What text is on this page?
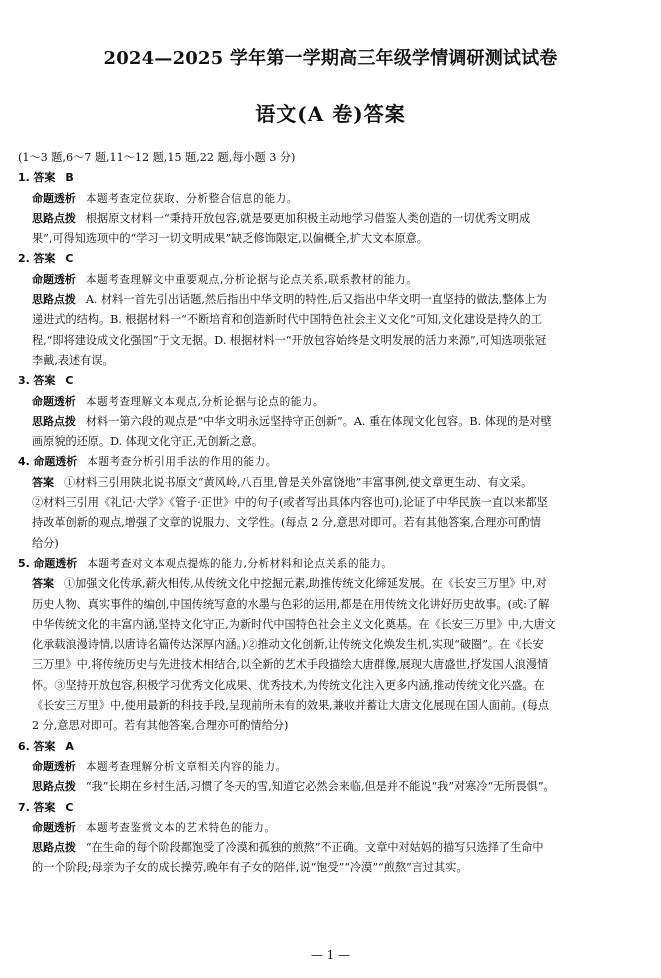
2024—2025 学年第一学期高三年级学情调研测试试卷
语文(A 卷)答案
(1～3 题,6～7 题,11～12 题,15 题,22 题,每小题 3 分)
1. 答案 B
命题透析 本题考查定位获取、分析整合信息的能力。
思路点拨 根据原文材料一“秉持开放包容,就是要更加积极主动地学习借鉴人类创造的一切优秀文明成
果”,可得知选项中的“学习一切文明成果”缺乏修饰限定,以偏概全,扩大文本原意。
2. 答案 C
命题透析 本题考查理解文中重要观点,分析论据与论点关系,联系教材的能力。
思路点拨 A. 材料一首先引出话题,然后指出中华文明的特性,后又指出中华文明一直坚持的做法,整体上为
递进式的结构。B. 根据材料一“不断培育和创造新时代中国特色社会主义文化”可知,文化建设是持久的工
程,“即将建设成文化强国”于文无据。D. 根据材料一“开放包容始终是文明发展的活力来源”,可知选项张冠
李戴,表述有误。
3. 答案 C
命题透析 本题考查理解文本观点,分析论据与论点的能力。
思路点拨 材料一第六段的观点是“中华文明永远坚持守正创新”。A. 重在体现文化包容。B. 体现的是对壁
画原貌的还原。D. 体现文化守正,无创新之意。
4. 命题透析 本题考查分析引用手法的作用的能力。
答案 ①材料三引用陕北说书原文“黄风岭,八百里,曾是关外富饶地”丰富事例,使文章更生动、有文采。
②材料三引用《礼记·大学》《管子·正世》中的句子(或者写出具体内容也可),论证了中华民族一直以来都坚
持改革创新的观点,增强了文章的说服力、文学性。(每点 2 分,意思对即可。若有其他答案,合理亦可酌情
给分)
5. 命题透析 本题考查对文本观点提炼的能力,分析材料和论点关系的能力。
答案 ①加强文化传承,薪火相传,从传统文化中挖掘元素,助推传统文化缔延发展。在《长安三万里》中,对
历史人物、真实事件的编创,中国传统写意的水墨与色彩的运用,都是在用传统文化讲好历史故事。(或:了解
中华传统文化的丰富内涵,坚持文化守正,为新时代中国特色社会主义文化奠基。在《长安三万里》中,大唐文
化承载浪漫诗情,以唐诗名篇传达深厚内涵。)②推动文化创新,让传统文化焕发生机,实现“破圈”。在《长安
三万里》中,将传统历史与先进技术相结合,以全新的艺术手段描绘大唐群像,展现大唐盛世,抒发国人浪漫情
怀。③坚持开放包容,积极学习优秀文化成果、优秀技术,为传统文化注入更多内涵,推动传统文化兴盛。在
《长安三万里》中,使用最新的科技手段,呈现前所未有的效果,兼收并蓄让大唐文化展现在国人面前。(每点
2 分,意思对即可。若有其他答案,合理亦可酌情给分)
6. 答案 A
命题透析 本题考查理解分析文章相关内容的能力。
思路点拨 “我”长期在乡村生活,习惯了冬天的雪,知道它必然会来临,但是并不能说“我”对寒冷“无所畏惧”。
7. 答案 C
命题透析 本题考查鉴赏文本的艺术特色的能力。
思路点拨 “在生命的每个阶段都饱受了冷漠和孤独的煎熬”不正确。文章中对姑妈的描写只选择了生命中
的一个阶段;母亲为子女的成长操劳,晚年有子女的陪伴,说“饱受”“冷漠”“煎熬”言过其实。
— 1 —
